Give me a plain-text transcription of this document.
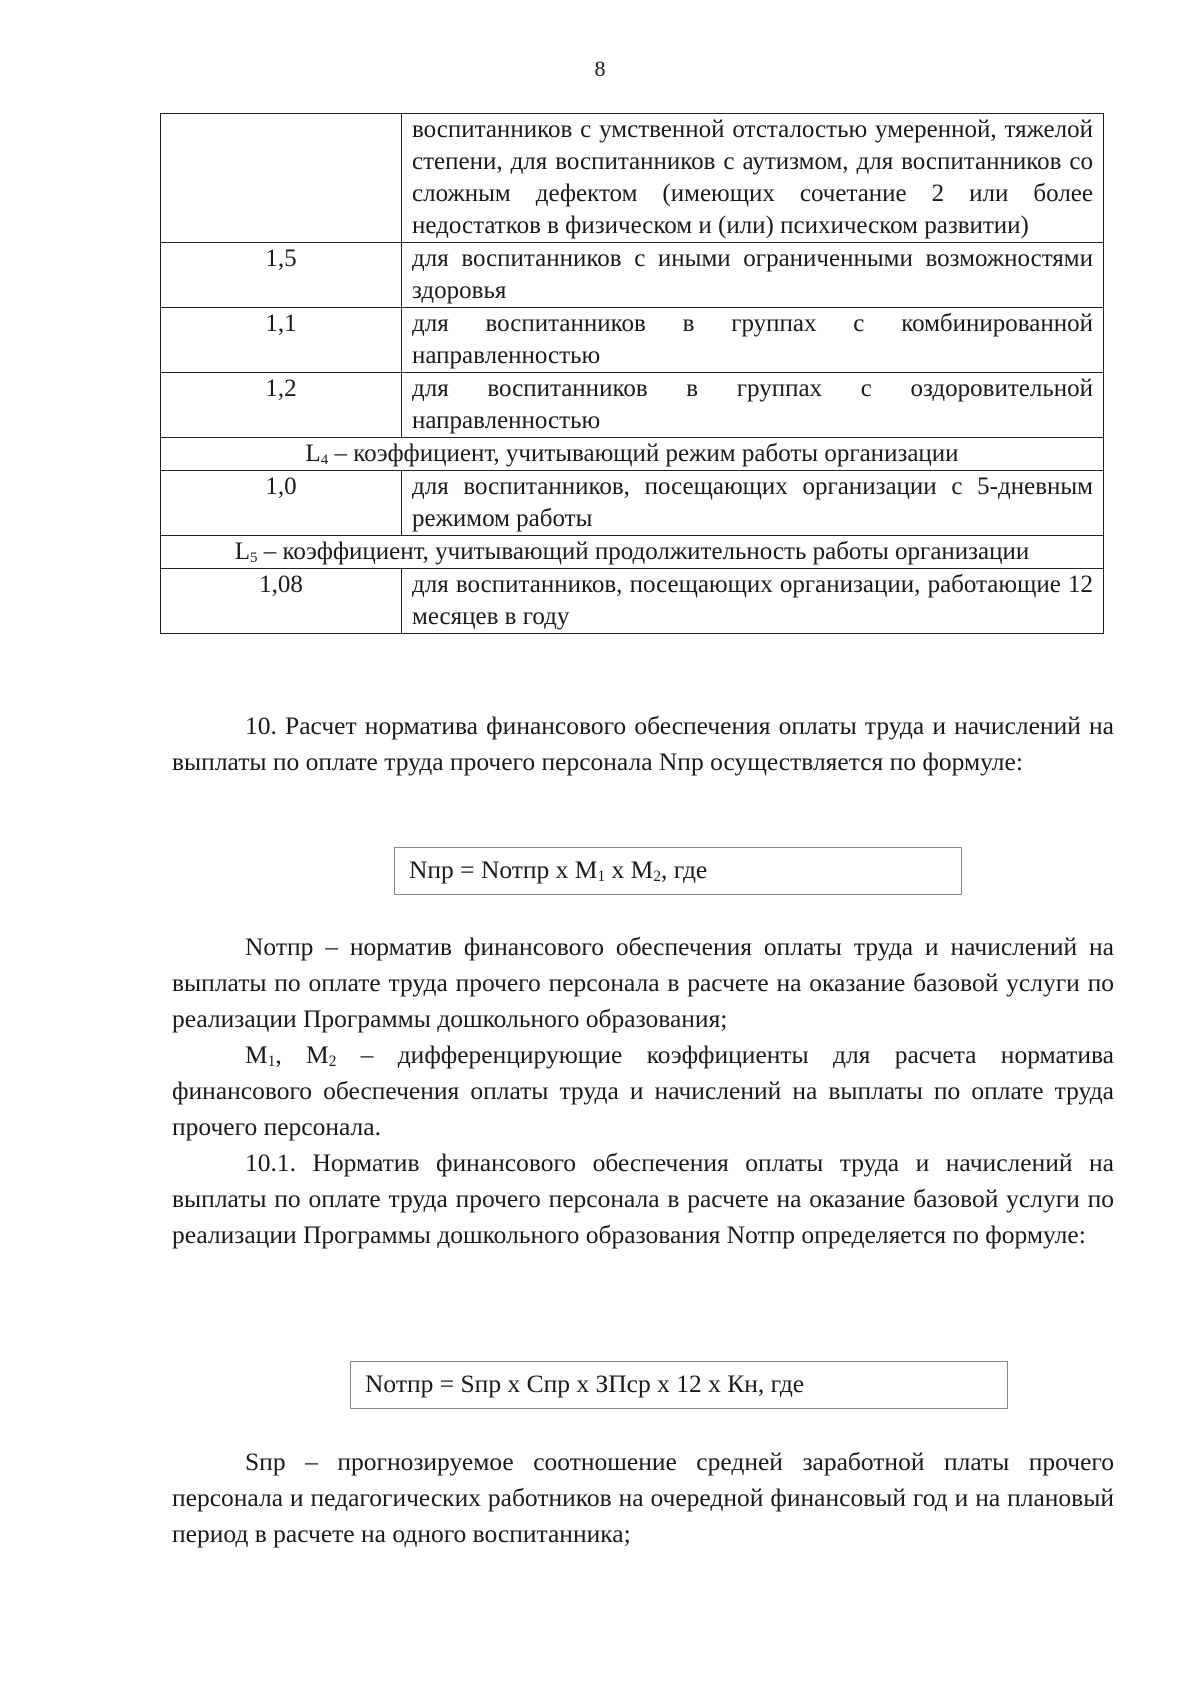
8
	воспитанников с умственной отсталостью умеренной, тяжелой степени, для воспитанников с аутизмом, для воспитанников со сложным дефектом (имеющих сочетание 2 или более недостатков в физическом и (или) психическом развитии)
1,5	для воспитанников с иными ограниченными возможностями здоровья
1,1	для воспитанников в группах с комбинированной направленностью
1,2	для воспитанников в группах с оздоровительной направленностью
$L_4$ – коэффициент, учитывающий режим работы организации	
1,0	для воспитанников, посещающих организации с 5-дневным режимом работы
$L_5$ – коэффициент, учитывающий продолжительность работы организации	
1,08	для воспитанников, посещающих организации, работающие 12 месяцев в году

10. Расчет норматива финансового обеспечения оплаты труда и начислений на выплаты по оплате труда прочего персонала Nпр осуществляется по формуле:

Nпр = Nотпр х $М_1$ х $М_2$, где

Nотпр – норматив финансового обеспечения оплаты труда и начислений на выплаты по оплате труда прочего персонала в расчете на оказание базовой услуги по реализации Программы дошкольного образования;

$М_1$, $М_2$ – дифференцирующие коэффициенты для расчета норматива финансового обеспечения оплаты труда и начислений на выплаты по оплате труда прочего персонала.

10.1. Норматив финансового обеспечения оплаты труда и начислений на выплаты по оплате труда прочего персонала в расчете на оказание базовой услуги по реализации Программы дошкольного образования Nотпр определяется по формуле:

Nотпр = Sпр х Cпр х ЗПср х 12 х Кн, где

Sпр – прогнозируемое соотношение средней заработной платы прочего персонала и педагогических работников на очередной финансовый год и на плановый период в расчете на одного воспитанника;
